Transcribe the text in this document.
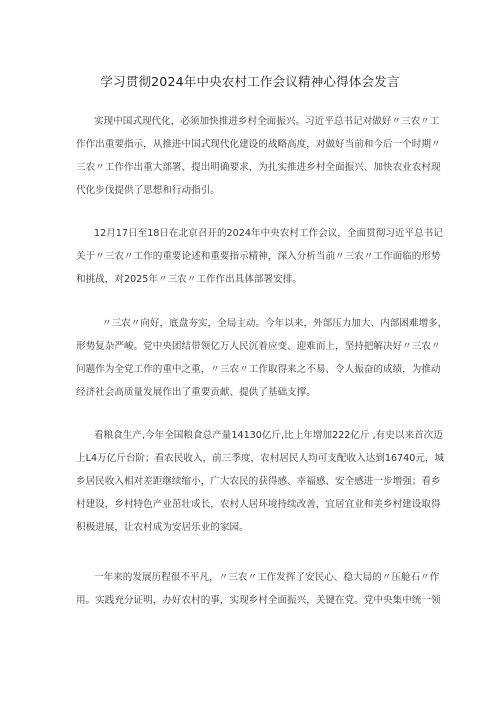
学习贯彻2024年中央农村工作会议精神心得体会发言
实现中国式现代化，必须加快推进乡村全面振兴。习近平总书记对做好〃三农〃工
作作出重要指示，从推进中国式现代化建设的战略高度，对做好当前和今后一个时期〃
三农〃工作作出重大部署、提出明确要求，为扎实推进乡村全面振兴、加快农业农村现
代化步伐提供了思想和行动指引。
12月17日至18日在北京召开的2024年中央农村工作会议，全面贯彻习近平总书记
关于〃三农〃工作的重要论述和重要指示精神，深入分析当前〃三农〃工作面临的形势
和挑战，对2025年〃三农〃工作作出具体部署安排。
〃三农〃向好，底盘夯实，全局主动。今年以来，外部压力加大、内部困难增多，
形势复杂严峻。党中央团结带领亿万人民沉着应变、迎难而上，坚持把解决好〃三农〃
问题作为全党工作的重中之重，〃三农〃工作取得来之不易、令人振奋的成绩，为推动
经济社会高质量发展作出了重要贡献、提供了基础支撑。
看粮食生产,今年全国粮食总产量14130亿斤,比上年增加222亿斤 ,有史以来首次迈
上L4万亿斤台阶；看农民收入，前三季度，农村居民人均可支配收入达到16740元，城
乡居民收入相对差距继续缩小，广大农民的获得感、幸福感、安全感进一步增强；看乡
村建设，乡村特色产业茁壮成长，农村人居环境持续改善，宜居宜业和美乡村建设取得
积极进展，让农村成为安居乐业的家园。
一年来的发展历程很不平凡，〃三农〃工作发挥了安民心、稳大局的〃压舱石〃作
用。实践充分证明，办好农村的事，实现乡村全面振兴，关键在党。党中央集中统一领
